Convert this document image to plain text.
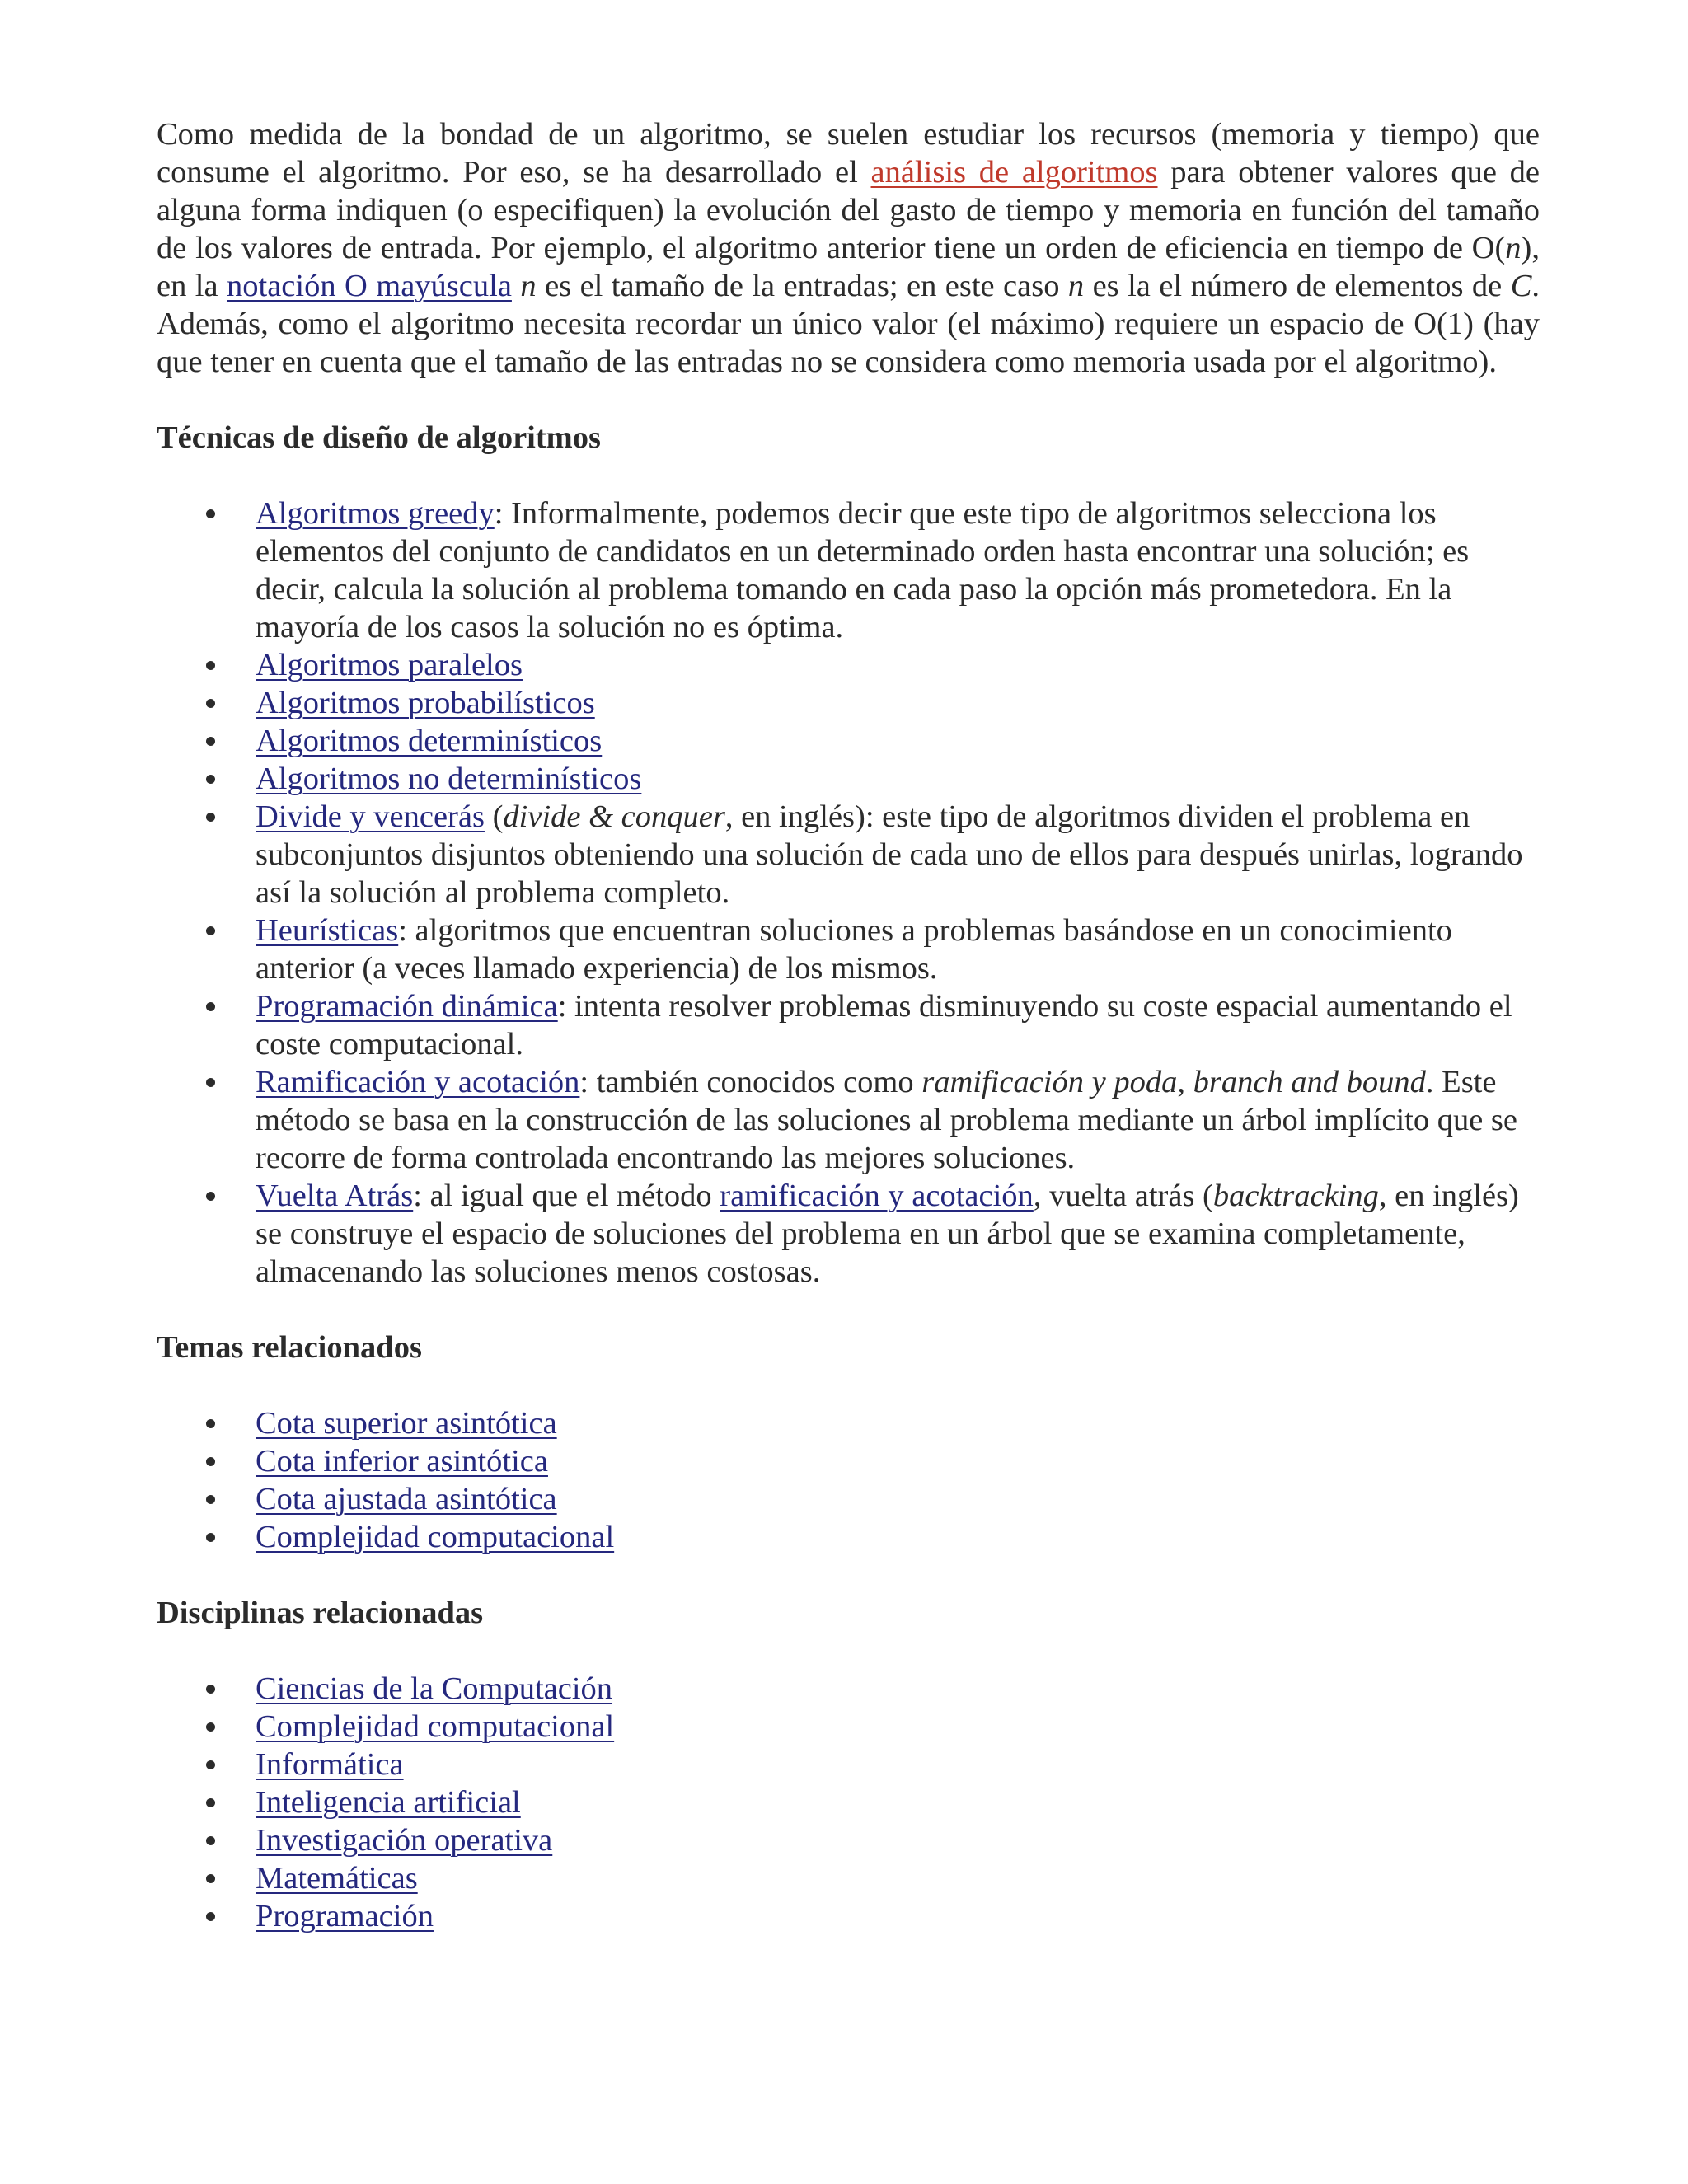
Como medida de la bondad de un algoritmo, se suelen estudiar los recursos (memoria y tiempo) que consume el algoritmo. Por eso, se ha desarrollado el análisis de algoritmos para obtener valores que de alguna forma indiquen (o especifiquen) la evolución del gasto de tiempo y memoria en función del tamaño de los valores de entrada. Por ejemplo, el algoritmo anterior tiene un orden de eficiencia en tiempo de O(n), en la notación O mayúscula n es el tamaño de la entradas; en este caso n es la el número de elementos de C. Además, como el algoritmo necesita recordar un único valor (el máximo) requiere un espacio de O(1) (hay que tener en cuenta que el tamaño de las entradas no se considera como memoria usada por el algoritmo).

Técnicas de diseño de algoritmos
Algoritmos greedy: Informalmente, podemos decir que este tipo de algoritmos selecciona los elementos del conjunto de candidatos en un determinado orden hasta encontrar una solución; es decir, calcula la solución al problema tomando en cada paso la opción más prometedora. En la mayoría de los casos la solución no es óptima.
Algoritmos paralelos
Algoritmos probabilísticos
Algoritmos determinísticos
Algoritmos no determinísticos
Divide y vencerás (divide & conquer, en inglés): este tipo de algoritmos dividen el problema en subconjuntos disjuntos obteniendo una solución de cada uno de ellos para después unirlas, logrando así la solución al problema completo.
Heurísticas: algoritmos que encuentran soluciones a problemas basándose en un conocimiento anterior (a veces llamado experiencia) de los mismos.
Programación dinámica: intenta resolver problemas disminuyendo su coste espacial aumentando el coste computacional.
Ramificación y acotación: también conocidos como ramificación y poda, branch and bound. Este método se basa en la construcción de las soluciones al problema mediante un árbol implícito que se recorre de forma controlada encontrando las mejores soluciones.
Vuelta Atrás: al igual que el método ramificación y acotación, vuelta atrás (backtracking, en inglés) se construye el espacio de soluciones del problema en un árbol que se examina completamente, almacenando las soluciones menos costosas.
Temas relacionados
Cota superior asintótica
Cota inferior asintótica
Cota ajustada asintótica
Complejidad computacional
Disciplinas relacionadas
Ciencias de la Computación
Complejidad computacional
Informática
Inteligencia artificial
Investigación operativa
Matemáticas
Programación
